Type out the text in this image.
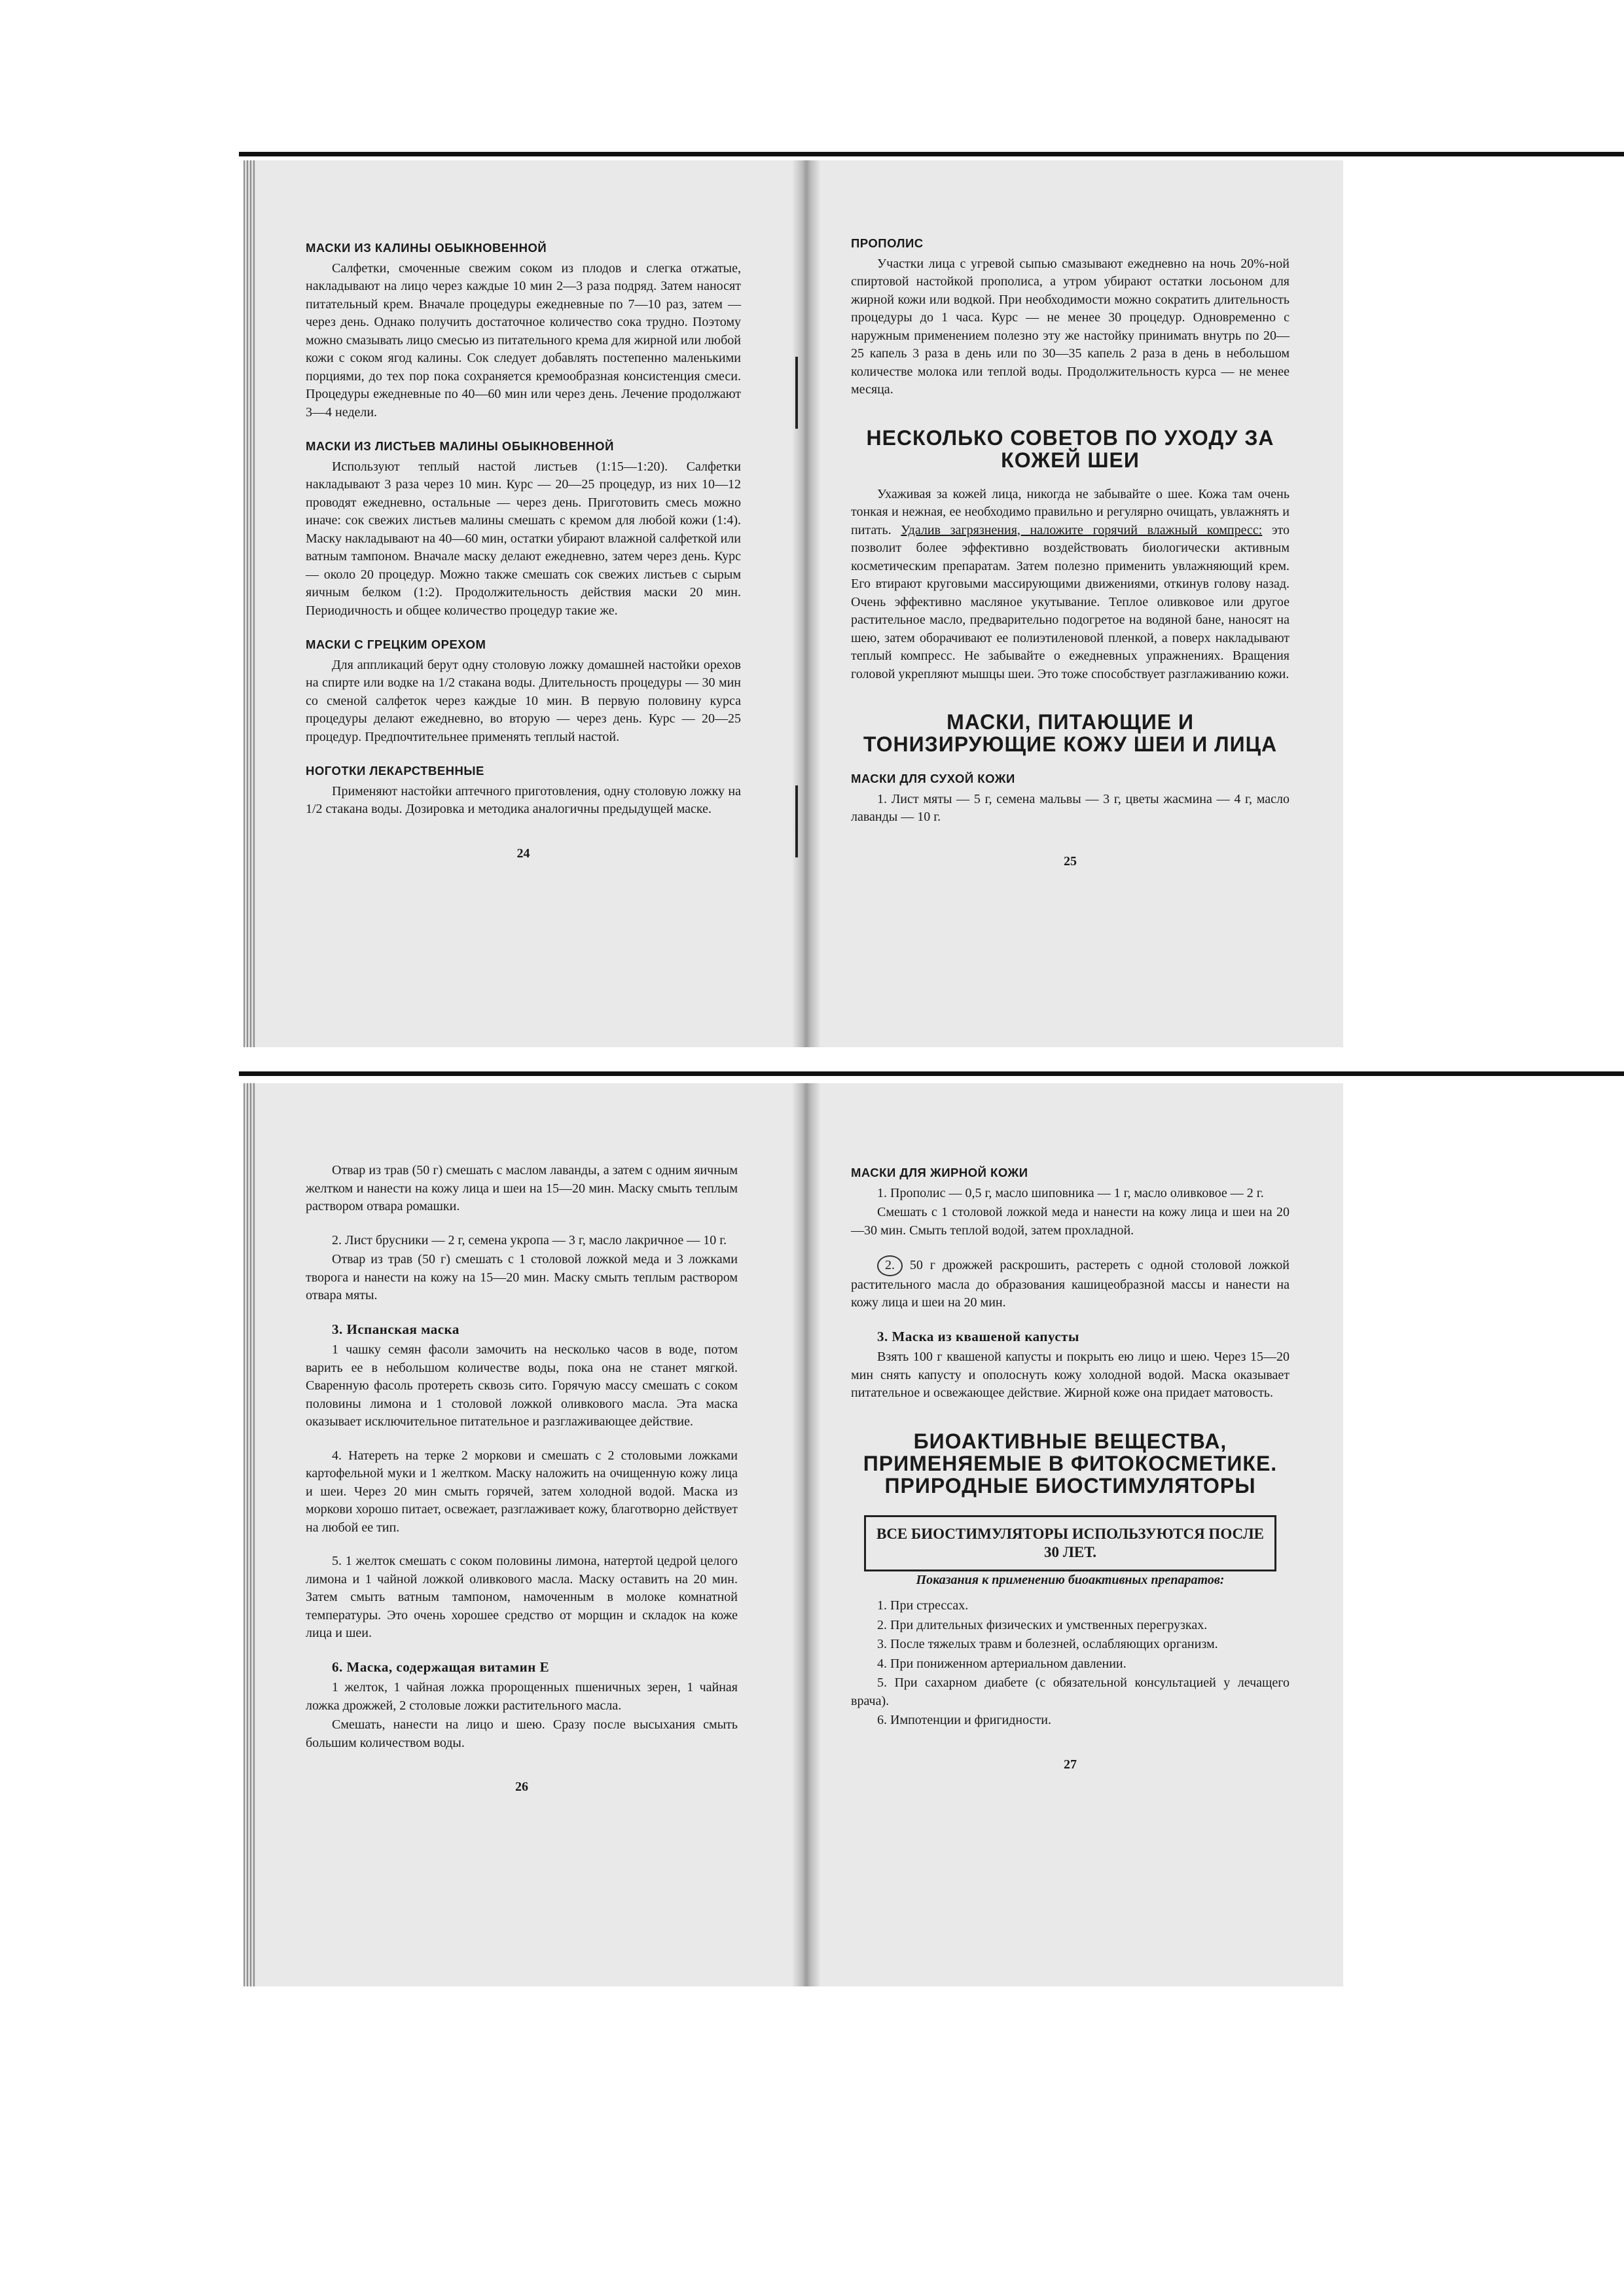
МАСКИ ИЗ КАЛИНЫ ОБЫКНОВЕННОЙ

Салфетки, смоченные свежим соком из плодов и слегка отжатые, накладывают на лицо через каждые 10 мин 2—3 раза подряд. Затем наносят питательный крем. Вначале процедуры ежедневные по 7—10 раз, затем — через день. Однако получить достаточное количество сока трудно. Поэтому можно смазывать лицо смесью из питательного крема для жирной или любой кожи с соком ягод калины. Сок следует добавлять постепенно маленькими порциями, до тех пор пока сохраняется кремообразная консистенция смеси. Процедуры ежедневные по 40—60 мин или через день. Лечение продолжают 3—4 недели.

МАСКИ ИЗ ЛИСТЬЕВ МАЛИНЫ ОБЫКНОВЕННОЙ

Используют теплый настой листьев (1:15—1:20). Салфетки накладывают 3 раза через 10 мин. Курс — 20—25 процедур, из них 10—12 проводят ежедневно, остальные — через день. Приготовить смесь можно иначе: сок свежих листьев малины смешать с кремом для любой кожи (1:4). Маску накладывают на 40—60 мин, остатки убирают влажной салфеткой или ватным тампоном. Вначале маску делают ежедневно, затем через день. Курс — около 20 процедур. Можно также смешать сок свежих листьев с сырым яичным белком (1:2). Продолжительность действия маски 20 мин. Периодичность и общее количество процедур такие же.

МАСКИ С ГРЕЦКИМ ОРЕХОМ

Для аппликаций берут одну столовую ложку домашней настойки орехов на спирте или водке на 1/2 стакана воды. Длительность процедуры — 30 мин со сменой салфеток через каждые 10 мин. В первую половину курса процедуры делают ежедневно, во вторую — через день. Курс — 20—25 процедур. Предпочтительнее применять теплый настой.

НОГОТКИ ЛЕКАРСТВЕННЫЕ

Применяют настойки аптечного приготовления, одну столовую ложку на 1/2 стакана воды. Дозировка и методика аналогичны предыдущей маске.

24
ПРОПОЛИС

Участки лица с угревой сыпью смазывают ежедневно на ночь 20%-ной спиртовой настойкой прополиса, а утром убирают остатки лосьоном для жирной кожи или водкой. При необходимости можно сократить длительность процедуры до 1 часа. Курс — не менее 30 процедур. Одновременно с наружным применением полезно эту же настойку принимать внутрь по 20—25 капель 3 раза в день или по 30—35 капель 2 раза в день в небольшом количестве молока или теплой воды. Продолжительность курса — не менее месяца.

НЕСКОЛЬКО СОВЕТОВ ПО УХОДУ ЗА КОЖЕЙ ШЕИ

Ухаживая за кожей лица, никогда не забывайте о шее. Кожа там очень тонкая и нежная, ее необходимо правильно и регулярно очищать, увлажнять и питать. Удалив загрязнения, наложите горячий влажный компресс: это позволит более эффективно воздействовать биологически активным косметическим препаратам. Затем полезно применить увлажняющий крем. Его втирают круговыми массирующими движениями, откинув голову назад. Очень эффективно масляное укутывание. Теплое оливковое или другое растительное масло, предварительно подогретое на водяной бане, наносят на шею, затем оборачивают ее полиэтиленовой пленкой, а поверх накладывают теплый компресс. Не забывайте о ежедневных упражнениях. Вращения головой укрепляют мышцы шеи. Это тоже способствует разглаживанию кожи.

МАСКИ, ПИТАЮЩИЕ И ТОНИЗИРУЮЩИЕ КОЖУ ШЕИ И ЛИЦА
МАСКИ ДЛЯ СУХОЙ КОЖИ

1. Лист мяты — 5 г, семена мальвы — 3 г, цветы жасмина — 4 г, масло лаванды — 10 г.

25

Отвар из трав (50 г) смешать с маслом лаванды, а затем с одним яичным желтком и нанести на кожу лица и шеи на 15—20 мин. Маску смыть теплым раствором отвара ромашки.

2. Лист брусники — 2 г, семена укропа — 3 г, масло лакричное — 10 г.

Отвар из трав (50 г) смешать с 1 столовой ложкой меда и 3 ложками творога и нанести на кожу на 15—20 мин. Маску смыть теплым раствором отвара мяты.

3. Испанская маска

1 чашку семян фасоли замочить на несколько часов в воде, потом варить ее в небольшом количестве воды, пока она не станет мягкой. Сваренную фасоль протереть сквозь сито. Горячую массу смешать с соком половины лимона и 1 столовой ложкой оливкового масла. Эта маска оказывает исключительное питательное и разглаживающее действие.

4. Натереть на терке 2 моркови и смешать с 2 столовыми ложками картофельной муки и 1 желтком. Маску наложить на очищенную кожу лица и шеи. Через 20 мин смыть горячей, затем холодной водой. Маска из моркови хорошо питает, освежает, разглаживает кожу, благотворно действует на любой ее тип.

5. 1 желток смешать с соком половины лимона, натертой цедрой целого лимона и 1 чайной ложкой оливкового масла. Маску оставить на 20 мин. Затем смыть ватным тампоном, намоченным в молоке комнатной температуры. Это очень хорошее средство от морщин и складок на коже лица и шеи.

6. Маска, содержащая витамин Е

1 желток, 1 чайная ложка пророщенных пшеничных зерен, 1 чайная ложка дрожжей, 2 столовые ложки растительного масла.

Смешать, нанести на лицо и шею. Сразу после высыхания смыть большим количеством воды.

26
МАСКИ ДЛЯ ЖИРНОЙ КОЖИ

1. Прополис — 0,5 г, масло шиповника — 1 г, масло оливковое — 2 г.

Смешать с 1 столовой ложкой меда и нанести на кожу лица и шеи на 20—30 мин. Смыть теплой водой, затем прохладной.

2. 50 г дрожжей раскрошить, растереть с одной столовой ложкой растительного масла до образования кашицеобразной массы и нанести на кожу лица и шеи на 20 мин.

3. Маска из квашеной капусты

Взять 100 г квашеной капусты и покрыть ею лицо и шею. Через 15—20 мин снять капусту и ополоснуть кожу холодной водой. Маска оказывает питательное и освежающее действие. Жирной коже она придает матовость.

БИОАКТИВНЫЕ ВЕЩЕСТВА, ПРИМЕНЯЕМЫЕ В ФИТОКОСМЕТИКЕ. ПРИРОДНЫЕ БИОСТИМУЛЯТОРЫ
ВСЕ БИОСТИМУЛЯТОРЫ ИСПОЛЬЗУЮТСЯ ПОСЛЕ 30 ЛЕТ.

Показания к применению биоактивных препаратов:

1. При стрессах.

2. При длительных физических и умственных перегрузках.

3. После тяжелых травм и болезней, ослабляющих организм.

4. При пониженном артериальном давлении.

5. При сахарном диабете (с обязательной консультацией у лечащего врача).

6. Импотенции и фригидности.

27
